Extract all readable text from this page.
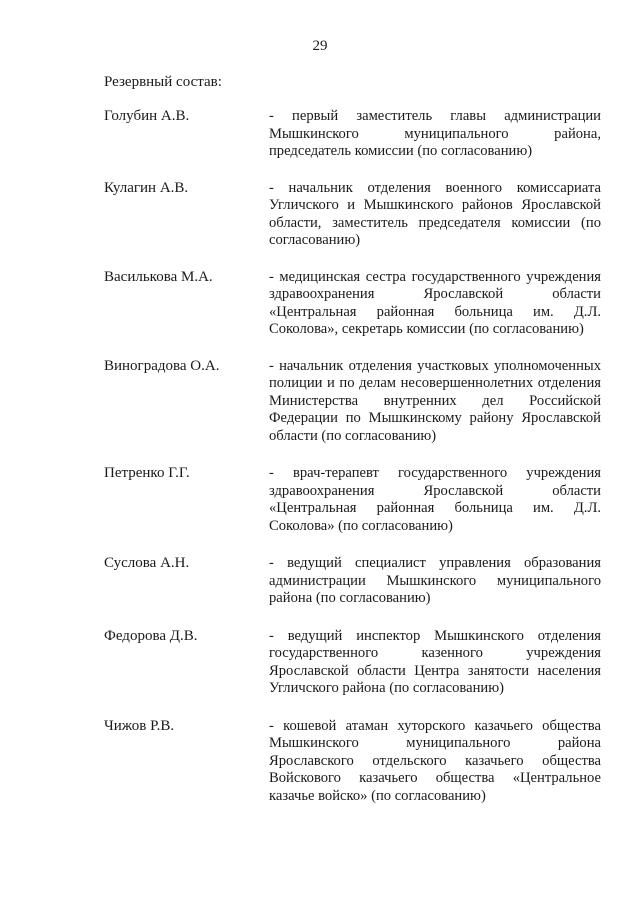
29
Резервный состав:
Голубин А.В.	- первый заместитель главы администрации Мышкинского муниципального района, председатель комиссии (по согласованию)
Кулагин А.В.	- начальник отделения военного комиссариата Угличского и Мышкинского районов Ярославской области, заместитель председателя комиссии (по согласованию)
Василькова М.А.	- медицинская сестра государственного учреждения здравоохранения Ярославской области «Центральная районная больница им. Д.Л. Соколова», секретарь комиссии (по согласованию)
Виноградова О.А.	- начальник отделения участковых уполномоченных полиции и по делам несовершеннолетних отделения Министерства внутренних дел Российской Федерации по Мышкинскому району Ярославской области (по согласованию)
Петренко Г.Г.	- врач-терапевт государственного учреждения здравоохранения Ярославской области «Центральная районная больница им. Д.Л. Соколова» (по согласованию)
Суслова А.Н.	- ведущий специалист управления образования администрации Мышкинского муниципального района (по согласованию)
Федорова Д.В.	- ведущий инспектор Мышкинского отделения государственного казенного учреждения Ярославской области Центра занятости населения Угличского района (по согласованию)
Чижов Р.В.	- кошевой атаман хуторского казачьего общества Мышкинского муниципального района Ярославского отдельского казачьего общества Войскового казачьего общества «Центральное казачье войско» (по согласованию)
